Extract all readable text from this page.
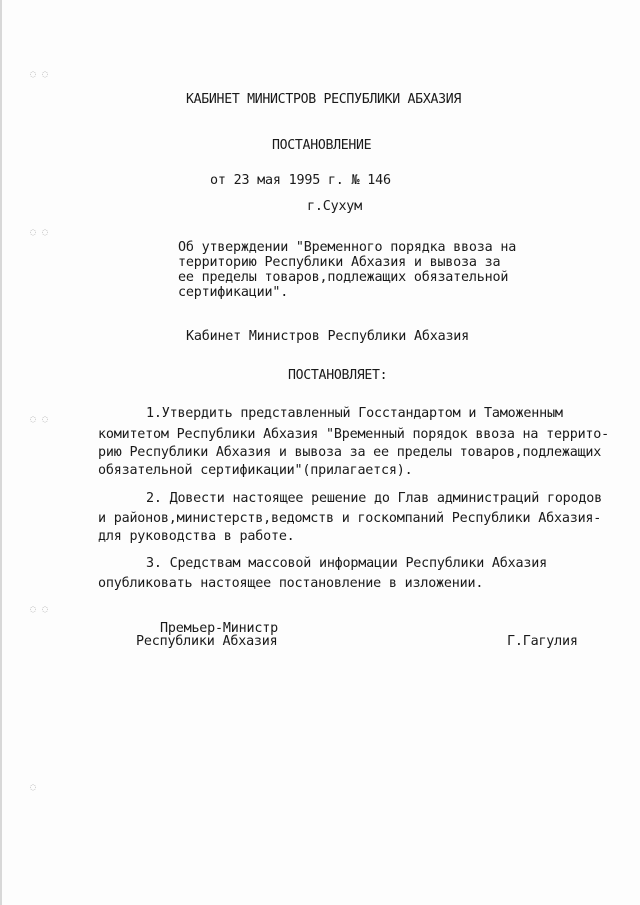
◌ ◌
◌ ◌
◌ ◌
◌ ◌
◌
КАБИНЕТ МИНИСТРОВ РЕСПУБЛИКИ АБХАЗИЯ
ПОСТАНОВЛЕНИЕ
от 23 мая 1995 г. № 146
г.Сухум
Об утверждении "Временного порядка ввоза на
территорию Республики Абхазия и вывоза за
ее пределы товаров,подлежащих обязательной
сертификации".
Кабинет Министров Республики Абхазия
ПОСТАНОВЛЯЕТ:
1.Утвердить представленный Госстандартом и Таможенным
комитетом Республики Абхазия "Временный порядок ввоза на террито-
рию Республики Абхазия и вывоза за ее пределы товаров,подлежащих
обязательной сертификации"(прилагается).
2. Довести настоящее решение до Глав администраций городов
и районов,министерств,ведомств и госкомпаний Республики Абхазия-
для руководства в работе.
3. Средствам массовой информации Республики Абхазия
опубликовать настоящее постановление в изложении.
Премьер-Министр
Республики Абхазия	Г.Гагулия
